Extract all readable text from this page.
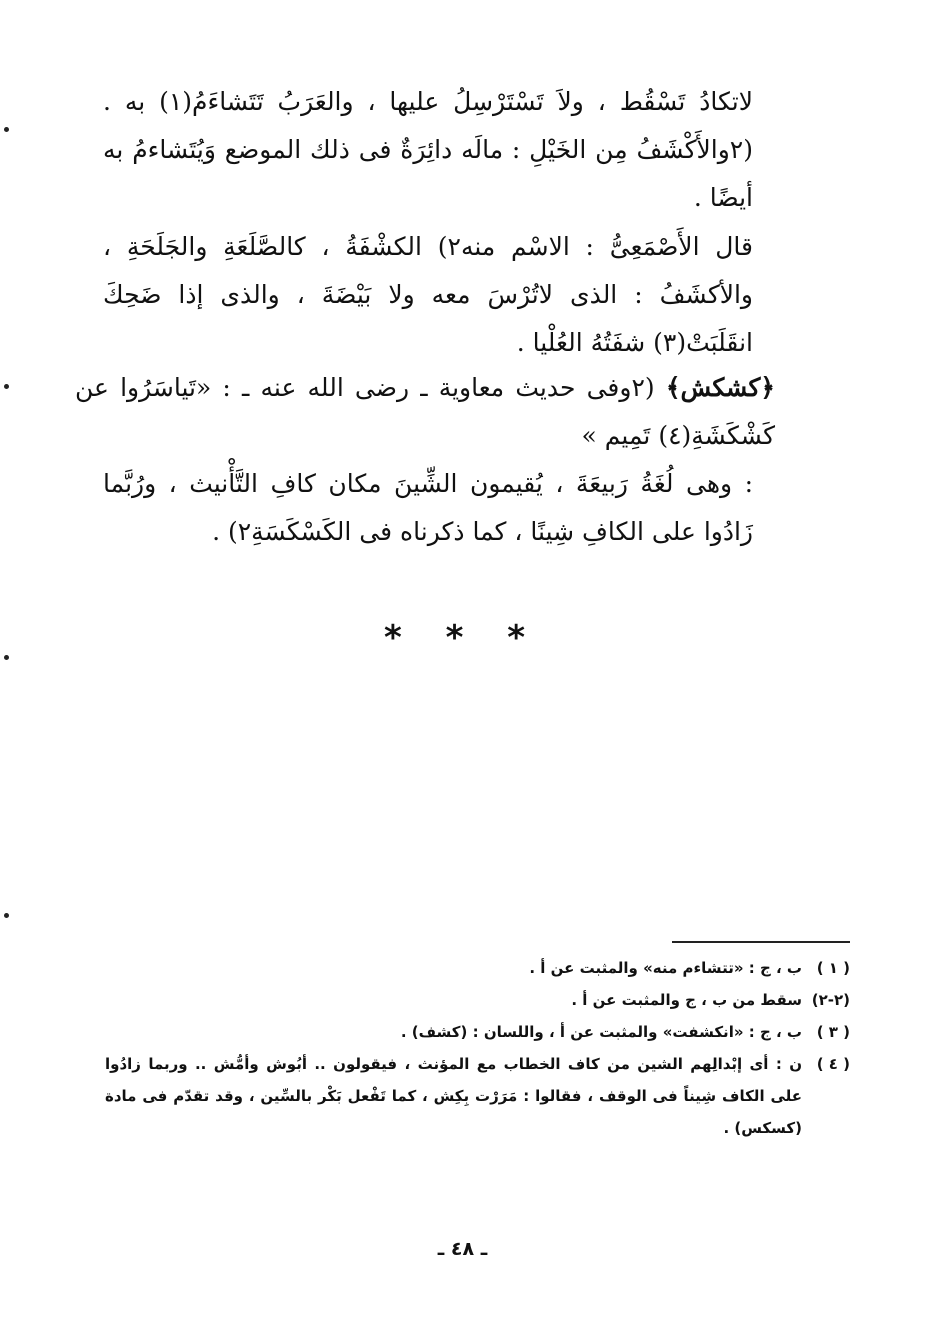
لاتكادُ تَسْقُط ، ولاَ تَسْتَرْسِلُ عليها ، والعَرَبُ تَتَشاءَمُ(١) به . (٢والأَكْشَفُ مِن الخَيْلِ : مالَه دائِرَةٌ فى ذلك الموضع وَيُتَشاءمُ به أيضًا .
قال الأَصْمَعِىُّ : الاسْم منه٢) الكشْفَةُ ، كالصَّلَعَةِ والجَلَحَةِ ، والأكشَفُ : الذى لاتُرْسَ معه ولا بَيْضَةَ ، والذى إذا ضَحِكَ انقَلَبَتْ(٣) شفَتُهُ العُلْيا .
﴿كشكش﴾ (٢وفى حديث معاوية ـ رضى الله عنه ـ : «تَياسَرُوا عن كَشْكَشَةِ(٤) تَمِيم »
: وهى لُغَةُ رَبيعَةَ ، يُقيمون الشِّينَ مكان كافِ التَّأْنيث ، ورُبَّما زَادُوا على الكافِ شِينًا ، كما ذكرناه فى الكَسْكَسَةِ٢) .
* * *
( ١ )
ب ، ج : «تتشاءم منه» والمثبت عن أ .
(٢-٢)
سقط من ب ، ج والمثبت عن أ .
( ٣ )
ب ، ج : «انكشفت» والمثبت عن أ ، واللسان : (كشف) .
( ٤ )
ن : أى إبْدالِهم الشين من كاف الخطاب مع المؤنث ، فيقولون .. أبُوش وأمُّش .. وربما زادُوا على الكاف شِيناً فى الوقف ، فقالوا : مَرَرْت بِكِش ، كما تَفْعل بَكْر بالسِّين ، وقد تقدّم فى مادة (كسكس) .
ـ ٤٨ ـ
